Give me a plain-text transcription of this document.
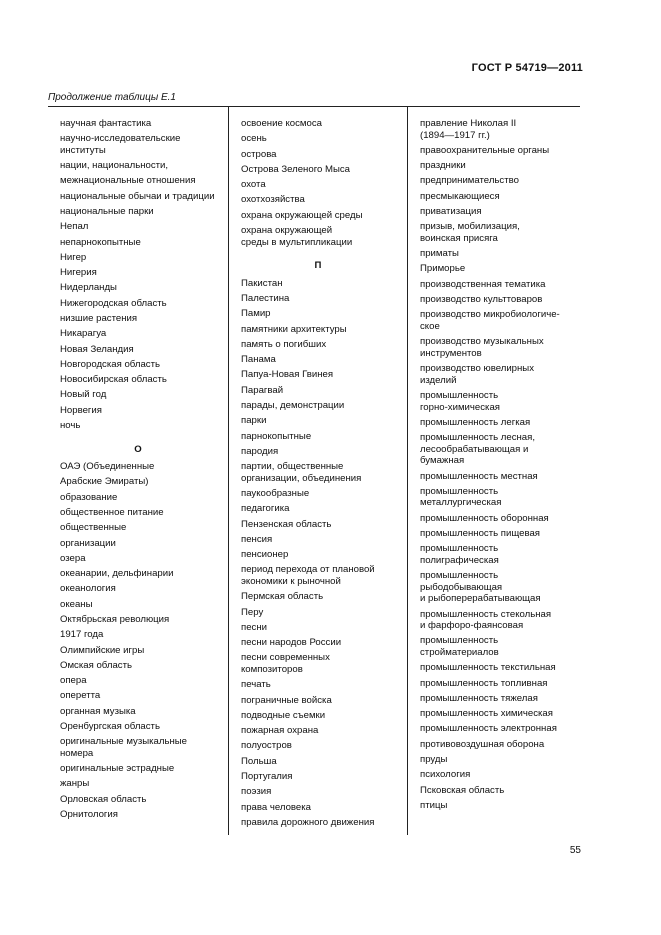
ГОСТ Р 54719—2011
Продолжение таблицы Е.1
научная фантастика
научно-исследовательские
институты
нации, национальности,
межнациональные отношения
национальные обычаи и традиции
национальные парки
Непал
непарнокопытные
Нигер
Нигерия
Нидерланды
Нижегородская область
низшие растения
Никарагуа
Новая Зеландия
Новгородская область
Новосибирская область
Новый год
Норвегия
ночь
О
ОАЭ (Объединенные
Арабские Эмираты)
образование
общественное питание
общественные
организации
озера
океанарии, дельфинарии
океанология
океаны
Октябрьская революция
1917 года
Олимпийские игры
Омская область
опера
оперетта
органная музыка
Оренбургская область
оригинальные музыкальные
номера
оригинальные эстрадные
жанры
Орловская область
Орнитология
освоение космоса
осень
острова
Острова Зеленого Мыса
охота
охотхозяйства
охрана окружающей среды
охрана окружающей
среды в мультипликации
П
Пакистан
Палестина
Памир
памятники архитектуры
память о погибших
Панама
Папуа-Новая Гвинея
Парагвай
парады, демонстрации
парки
парнокопытные
пародия
партии, общественные
организации, объединения
паукообразные
педагогика
Пензенская область
пенсия
пенсионер
период перехода от плановой
экономики к рыночной
Пермская область
Перу
песни
песни народов России
песни современных
композиторов
печать
пограничные войска
подводные съемки
пожарная охрана
полуостров
Польша
Португалия
поэзия
права человека
правила дорожного движения
правление Николая II
(1894—1917 гг.)
правоохранительные органы
праздники
предпринимательство
пресмыкающиеся
приватизация
призыв, мобилизация,
воинская присяга
приматы
Приморье
производственная тематика
производство культтоваров
производство микробиологиче-
ское
производство музыкальных
инструментов
производство ювелирных
изделий
промышленность
горно-химическая
промышленность легкая
промышленность лесная,
лесообрабатывающая и
бумажная
промышленность местная
промышленность
металлургическая
промышленность оборонная
промышленность пищевая
промышленность
полиграфическая
промышленность
рыбодобывающая
и рыбоперерабатывающая
промышленность стекольная
и фарфоро-фаянсовая
промышленность
стройматериалов
промышленность текстильная
промышленность топливная
промышленность тяжелая
промышленность химическая
промышленность электронная
противовоздушная оборона
пруды
психология
Псковская область
птицы
55
